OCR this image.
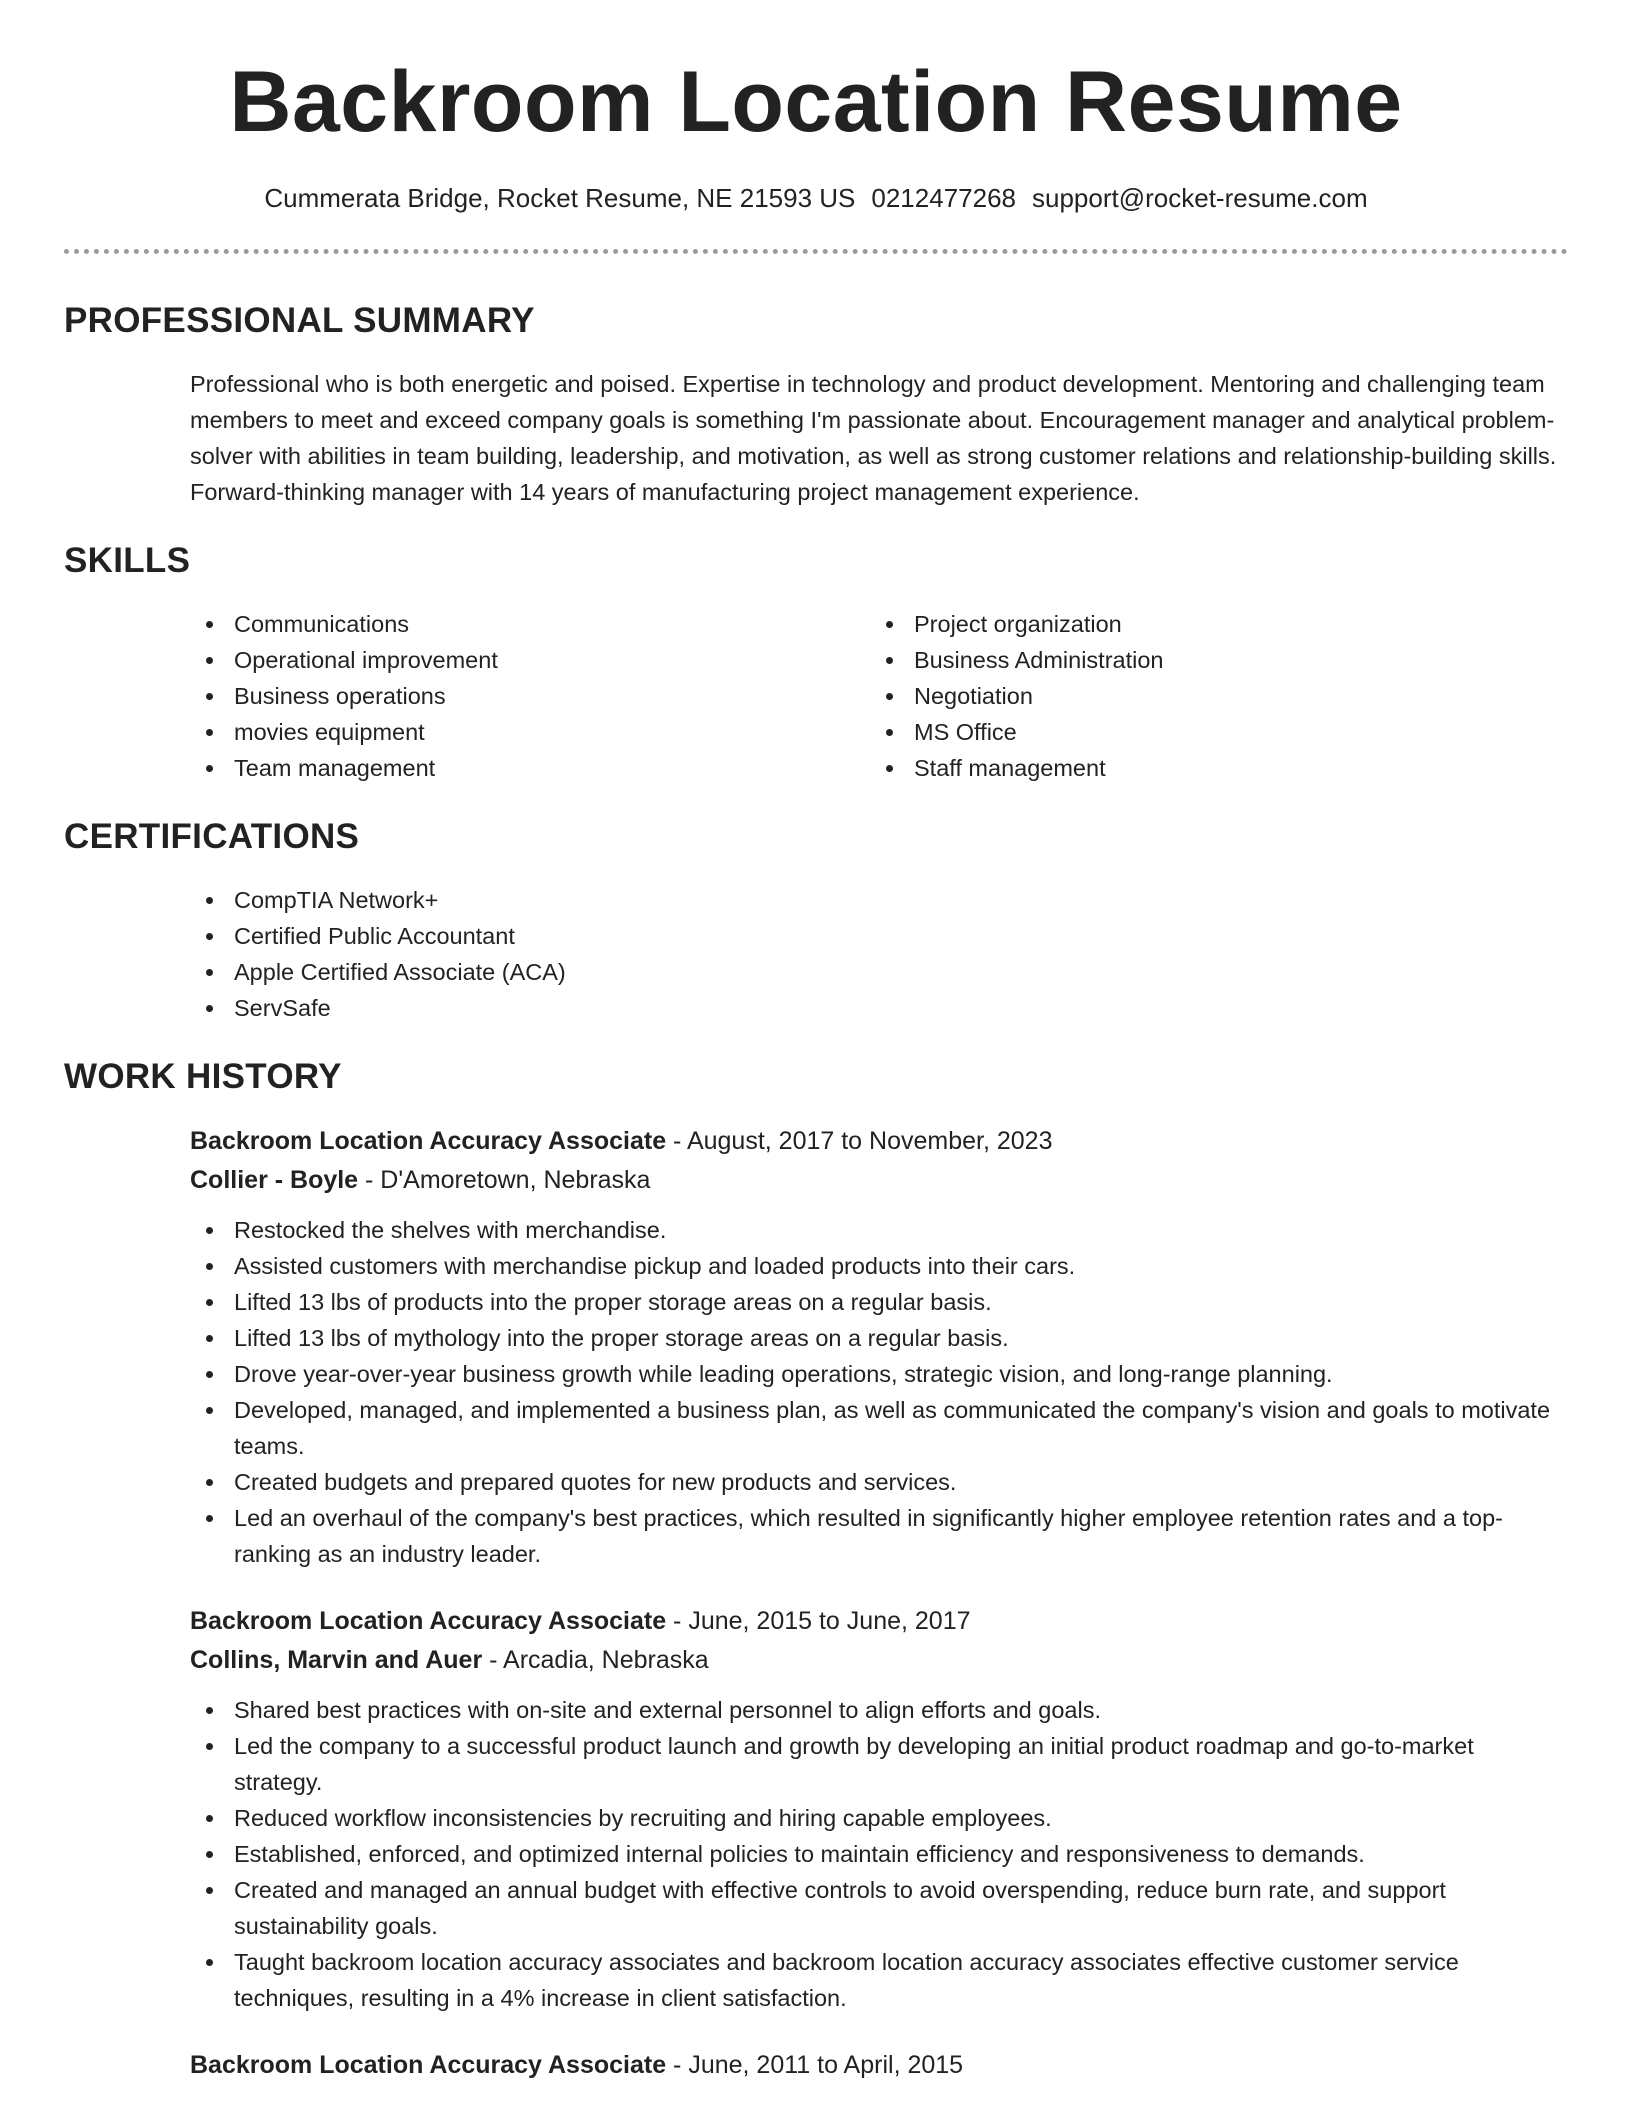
Backroom Location Resume
Cummerata Bridge, Rocket Resume, NE 21593 US 0212477268 support@rocket-resume.com
PROFESSIONAL SUMMARY

Professional who is both energetic and poised. Expertise in technology and product development. Mentoring and challenging team members to meet and exceed company goals is something I'm passionate about. Encouragement manager and analytical problem-solver with abilities in team building, leadership, and motivation, as well as strong customer relations and relationship-building skills. Forward-thinking manager with 14 years of manufacturing project management experience.

SKILLS
Communications
Operational improvement
Business operations
movies equipment
Team management
Project organization
Business Administration
Negotiation
MS Office
Staff management
CERTIFICATIONS
CompTIA Network+
Certified Public Accountant
Apple Certified Associate (ACA)
ServSafe
WORK HISTORY
Backroom Location Accuracy Associate - August, 2017 to November, 2023
Collier - Boyle - D'Amoretown, Nebraska
Restocked the shelves with merchandise.
Assisted customers with merchandise pickup and loaded products into their cars.
Lifted 13 lbs of products into the proper storage areas on a regular basis.
Lifted 13 lbs of mythology into the proper storage areas on a regular basis.
Drove year-over-year business growth while leading operations, strategic vision, and long-range planning.
Developed, managed, and implemented a business plan, as well as communicated the company's vision and goals to motivate teams.
Created budgets and prepared quotes for new products and services.
Led an overhaul of the company's best practices, which resulted in significantly higher employee retention rates and a top-ranking as an industry leader.
Backroom Location Accuracy Associate - June, 2015 to June, 2017
Collins, Marvin and Auer - Arcadia, Nebraska
Shared best practices with on-site and external personnel to align efforts and goals.
Led the company to a successful product launch and growth by developing an initial product roadmap and go-to-market strategy.
Reduced workflow inconsistencies by recruiting and hiring capable employees.
Established, enforced, and optimized internal policies to maintain efficiency and responsiveness to demands.
Created and managed an annual budget with effective controls to avoid overspending, reduce burn rate, and support sustainability goals.
Taught backroom location accuracy associates and backroom location accuracy associates effective customer service techniques, resulting in a 4% increase in client satisfaction.
Backroom Location Accuracy Associate - June, 2011 to April, 2015
